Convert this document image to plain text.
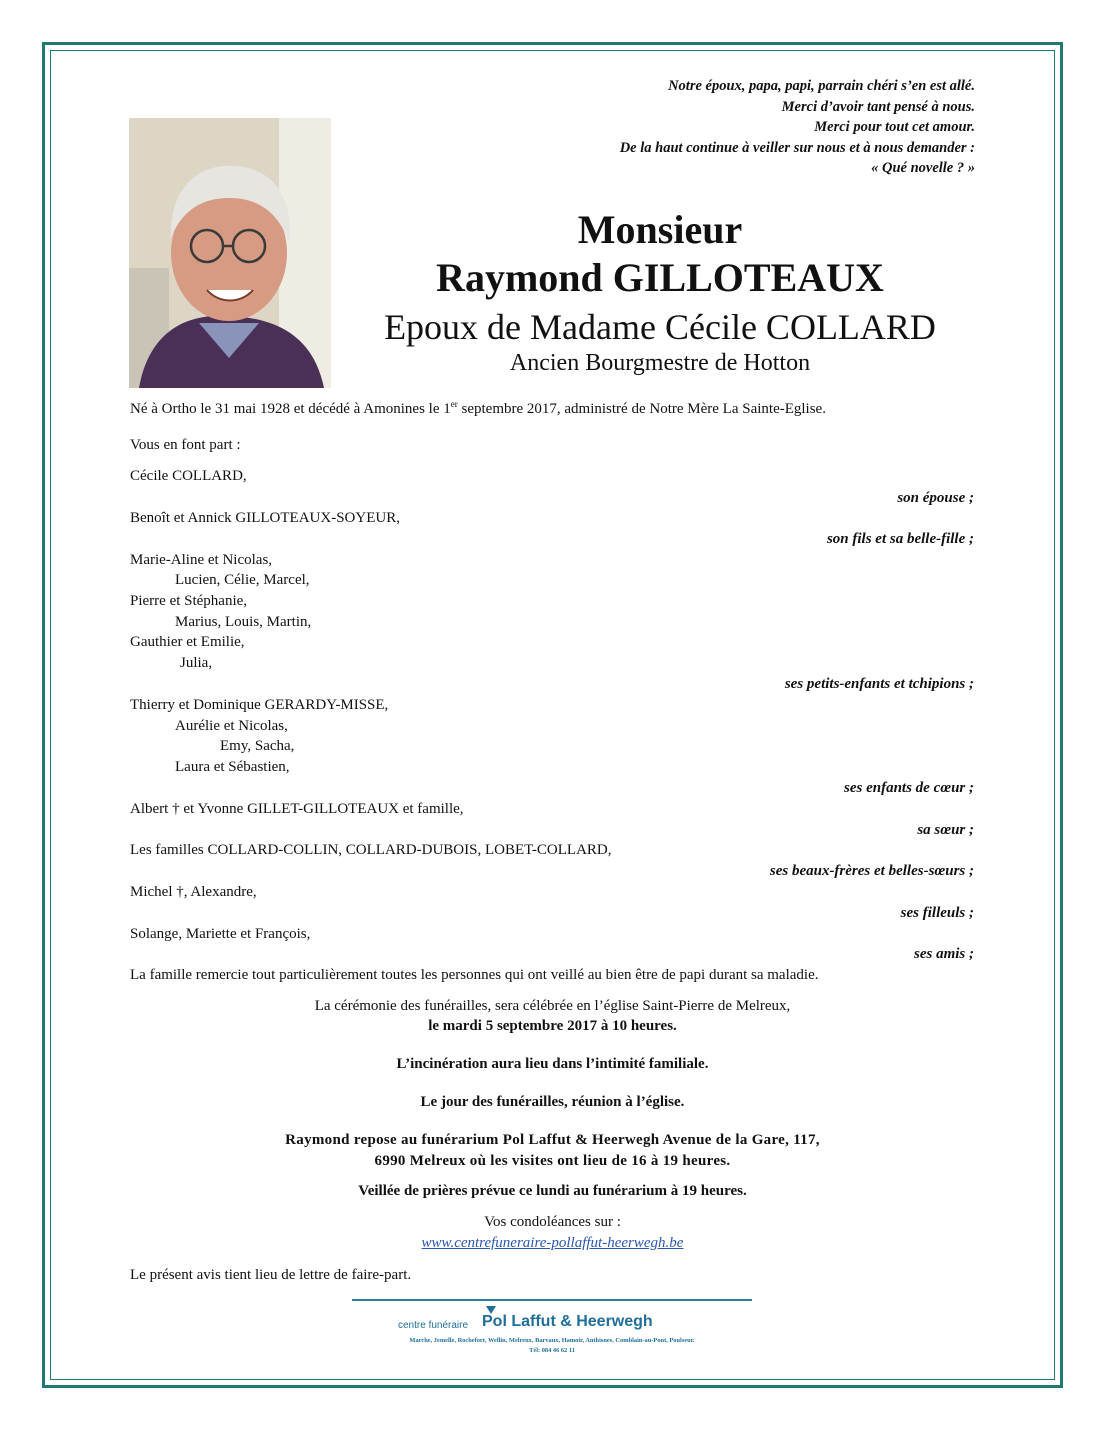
Notre époux, papa, papi, parrain chéri s’en est allé.
Merci d’avoir tant pensé à nous.
Merci pour tout cet amour.
De la haut continue à veiller sur nous et à nous demander :
« Qué novelle ? »
Monsieur
Raymond GILLOTEAUX
Epoux de Madame Cécile COLLARD
Ancien Bourgmestre de Hotton
Né à Ortho le 31 mai 1928 et décédé à Amonines le 1er septembre 2017, administré de Notre Mère La Sainte-Eglise.
Vous en font part :
Cécile COLLARD,
son épouse ;
Benoît et Annick GILLOTEAUX-SOYEUR,
son fils et sa belle-fille ;
Marie-Aline et Nicolas,
Lucien, Célie, Marcel,
Pierre et Stéphanie,
Marius, Louis, Martin,
Gauthier et Emilie,
Julia,
ses petits-enfants et tchipions ;
Thierry et Dominique GERARDY-MISSE,
Aurélie et Nicolas,
Emy, Sacha,
Laura et Sébastien,
ses enfants de cœur ;
Albert † et Yvonne GILLET-GILLOTEAUX et famille,
sa sœur ;
Les familles COLLARD-COLLIN, COLLARD-DUBOIS, LOBET-COLLARD,
ses beaux-frères et belles-sœurs ;
Michel †, Alexandre,
ses filleuls ;
Solange, Mariette et François,
ses amis ;
La famille remercie tout particulièrement toutes les personnes qui ont veillé au bien être de papi durant sa maladie.
La cérémonie des funérailles, sera célébrée en l’église Saint-Pierre de Melreux,
le mardi 5 septembre 2017 à 10 heures.
L’incinération aura lieu dans l’intimité familiale.
Le jour des funérailles, réunion à l’église.
Raymond repose au funérarium Pol Laffut & Heerwegh Avenue de la Gare, 117,
6990 Melreux où les visites ont lieu de 16 à 19 heures.
Veillée de prières prévue ce lundi au funérarium à 19 heures.
Vos condoléances sur :
www.centrefuneraire-pollaffut-heerwegh.be
Le présent avis tient lieu de lettre de faire-part.
centre funéraire Pol Laffut & Heerwegh
Marche, Jemelle, Rochefort, Wellin, Melreux, Barvaux, Hamoir, Anthisnes, Comblain-au-Pont, Poulseur.
Tél: 084 46 62 11
